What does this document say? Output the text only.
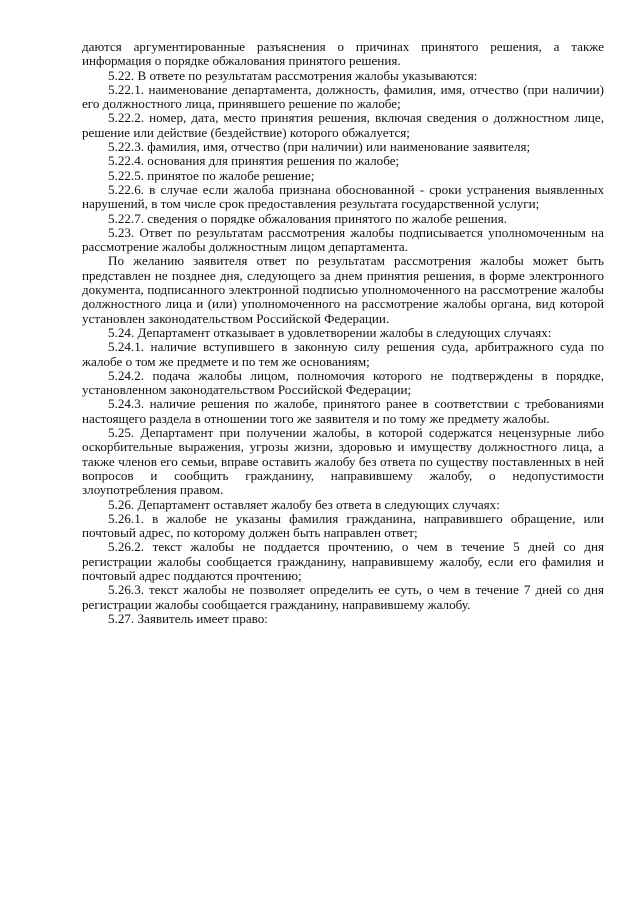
даются аргументированные разъяснения о причинах принятого решения, а также информация о порядке обжалования принятого решения.

5.22. В ответе по результатам рассмотрения жалобы указываются:

5.22.1. наименование департамента, должность, фамилия, имя, отчество (при наличии) его должностного лица, принявшего решение по жалобе;

5.22.2. номер, дата, место принятия решения, включая сведения о должностном лице, решение или действие (бездействие) которого обжалуется;

5.22.3. фамилия, имя, отчество (при наличии) или наименование заявителя;

5.22.4. основания для принятия решения по жалобе;

5.22.5. принятое по жалобе решение;

5.22.6. в случае если жалоба признана обоснованной - сроки устранения выявленных нарушений, в том числе срок предоставления результата государственной услуги;

5.22.7. сведения о порядке обжалования принятого по жалобе решения.

5.23. Ответ по результатам рассмотрения жалобы подписывается уполномоченным на рассмотрение жалобы должностным лицом департамента.

По желанию заявителя ответ по результатам рассмотрения жалобы может быть представлен не позднее дня, следующего за днем принятия решения, в форме электронного документа, подписанного электронной подписью уполномоченного на рассмотрение жалобы должностного лица и (или) уполномоченного на рассмотрение жалобы органа, вид которой установлен законодательством Российской Федерации.

5.24. Департамент отказывает в удовлетворении жалобы в следующих случаях:

5.24.1. наличие вступившего в законную силу решения суда, арбитражного суда по жалобе о том же предмете и по тем же основаниям;

5.24.2. подача жалобы лицом, полномочия которого не подтверждены в порядке, установленном законодательством Российской Федерации;

5.24.3. наличие решения по жалобе, принятого ранее в соответствии с требованиями настоящего раздела в отношении того же заявителя и по тому же предмету жалобы.

5.25. Департамент при получении жалобы, в которой содержатся нецензурные либо оскорбительные выражения, угрозы жизни, здоровью и имуществу должностного лица, а также членов его семьи, вправе оставить жалобу без ответа по существу поставленных в ней вопросов и сообщить гражданину, направившему жалобу, о недопустимости злоупотребления правом.

5.26. Департамент оставляет жалобу без ответа в следующих случаях:

5.26.1. в жалобе не указаны фамилия гражданина, направившего обращение, или почтовый адрес, по которому должен быть направлен ответ;

5.26.2. текст жалобы не поддается прочтению, о чем в течение 5 дней со дня регистрации жалобы сообщается гражданину, направившему жалобу, если его фамилия и почтовый адрес поддаются прочтению;

5.26.3. текст жалобы не позволяет определить ее суть, о чем в течение 7 дней со дня регистрации жалобы сообщается гражданину, направившему жалобу.

5.27. Заявитель имеет право:
